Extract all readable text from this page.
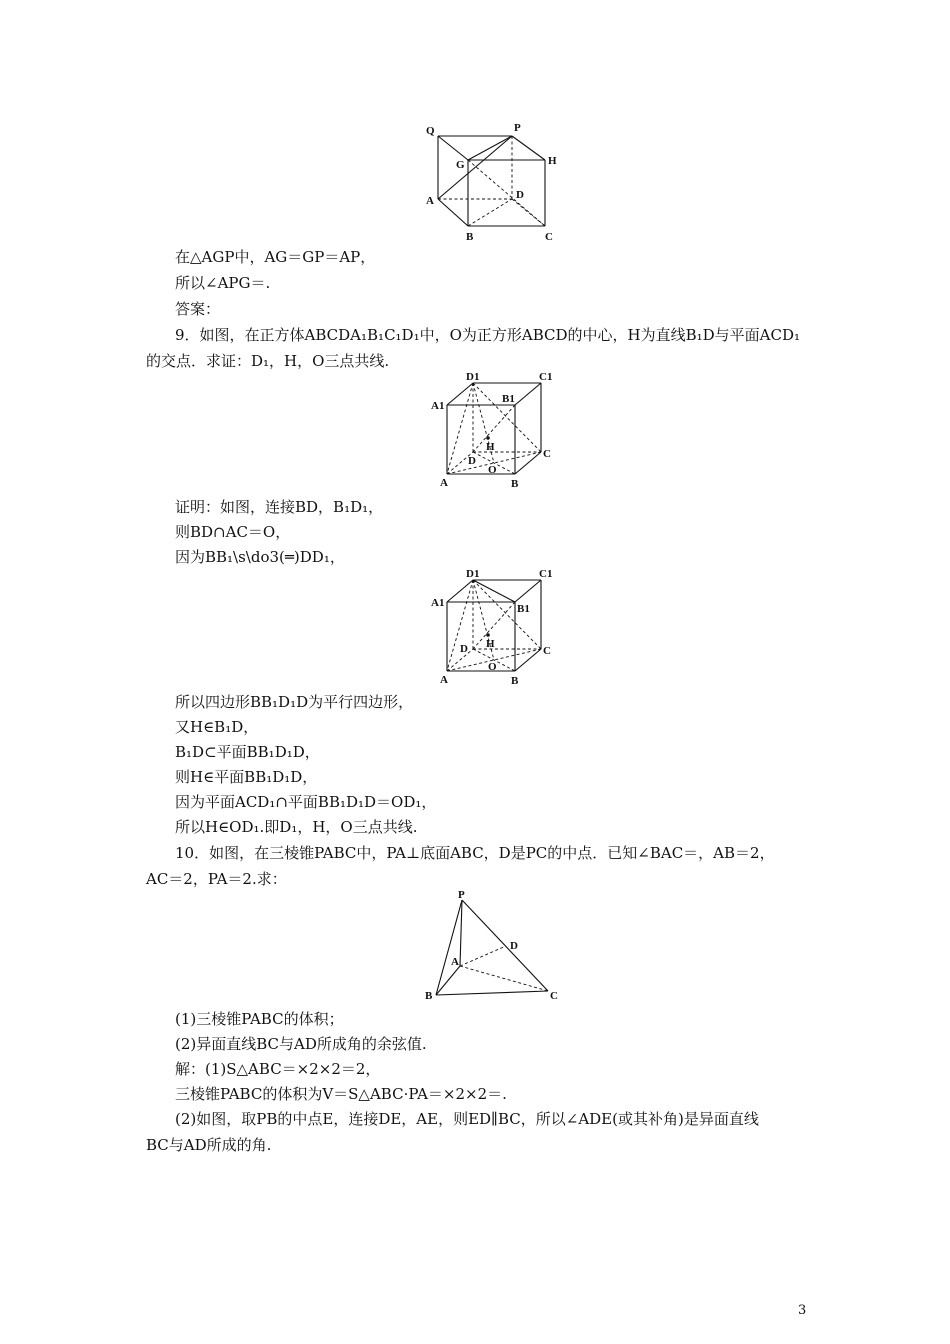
Q	P
G	H
D
A
B	C
在△AGP中，AG＝GP＝AP，
所以∠APG＝.
答案：
9．如图，在正方体ABCDA₁B₁C₁D₁中，O为正方形ABCD的中心，H为直线B₁D与平面ACD₁
的交点．求证：D₁，H，O三点共线.
D1	C1
A1
B1
H
D
O
C
A	B
证明：如图，连接BD，B₁D₁，
则BD∩AC＝O，
因为BB₁\s\do3(═)DD₁，
D1	C1
A1	B1
H
D
O
C
A	B
所以四边形BB₁D₁D为平行四边形，
又H∈B₁D，
B₁D⊂平面BB₁D₁D，
则H∈平面BB₁D₁D，
因为平面ACD₁∩平面BB₁D₁D＝OD₁，
所以H∈OD₁.即D₁，H，O三点共线.
10．如图，在三棱锥PABC中，PA⊥底面ABC，D是PC的中点．已知∠BAC＝，AB＝2，
AC＝2，PA＝2.求：
P
D
A
B	C
(1)三棱锥PABC的体积；
(2)异面直线BC与AD所成角的余弦值.
解：(1)S△ABC＝×2×2＝2，
三棱锥PABC的体积为V＝S△ABC·PA＝×2×2＝.
(2)如图，取PB的中点E，连接DE，AE，则ED∥BC，所以∠ADE(或其补角)是异面直线
BC与AD所成的角.
3
